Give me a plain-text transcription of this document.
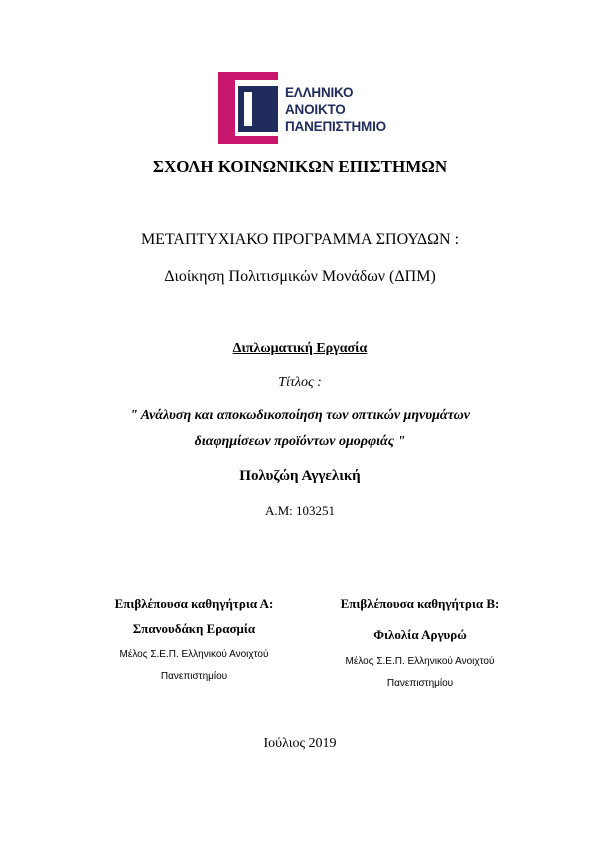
ΕΛΛΗΝΙΚΟ
ΑΝΟΙΚΤΟ
ΠΑΝΕΠΙΣΤΗΜΙΟ
ΣΧΟΛΗ ΚΟΙΝΩΝΙΚΩΝ ΕΠΙΣΤΗΜΩΝ
ΜΕΤΑΠΤΥΧΙΑΚΟ ΠΡΟΓΡΑΜΜΑ ΣΠΟΥΔΩΝ :
Διοίκηση Πολιτισμικών Μονάδων (ΔΠΜ)
Διπλωματική Εργασία
Τίτλος :
" Ανάλυση και αποκωδικοποίηση των οπτικών μηνυμάτων
διαφημίσεων προϊόντων ομορφιάς "
Πολυζώη Αγγελική
Α.Μ: 103251
Επιβλέπουσα καθηγήτρια Α:
Σπανουδάκη Ερασμία
Μέλος Σ.Ε.Π. Ελληνικού Ανοιχτού
Πανεπιστημίου
Επιβλέπουσα καθηγήτρια Β:
Φιλολία Αργυρώ
Μέλος Σ.Ε.Π. Ελληνικού Ανοιχτού
Πανεπιστημίου
Ιούλιος 2019
